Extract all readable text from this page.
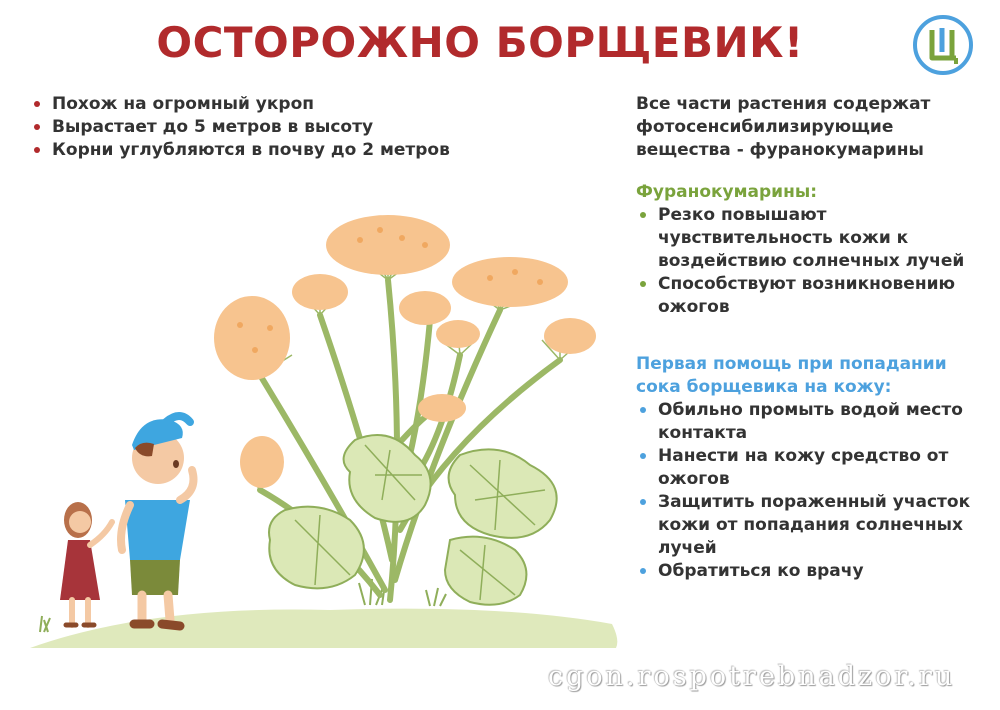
ОСТОРОЖНО БОРЩЕВИК!
Похож на огромный укроп
Вырастает до 5 метров в высоту
Корни углубляются в почву до 2 метров

Все части растения содержат фотосенсибилизирующие вещества - фуранокумарины

Фуранокумарины:

Резко повышают чувствительность кожи к воздействию солнечных лучей
Способствуют возникновению ожогов

Первая помощь при попадании сока борщевика на кожу:

Обильно промыть водой место контакта
Нанести на кожу средство от ожогов
Защитить пораженный участок кожи от попадания солнечных лучей
Обратиться ко врачу
cgon.rospotrebnadzor.ru
